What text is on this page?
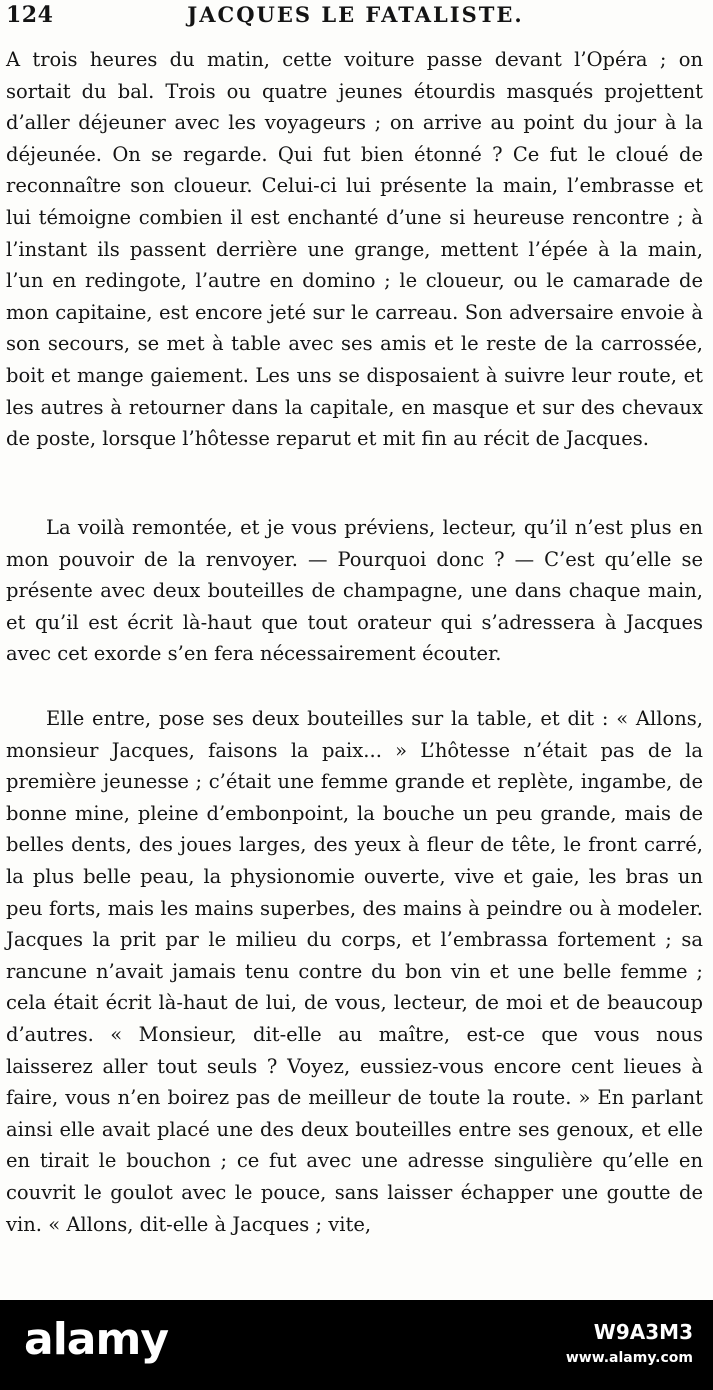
124	JACQUES LE FATALISTE.

A trois heures du matin, cette voiture passe devant l’Opéra ; on sortait du bal. Trois ou quatre jeunes étourdis masqués projettent d’aller déjeuner avec les voyageurs ; on arrive au point du jour à la déjeunée. On se regarde. Qui fut bien étonné ? Ce fut le cloué de reconnaître son cloueur. Celui-ci lui présente la main, l’embrasse et lui témoigne combien il est enchanté d’une si heureuse rencontre ; à l’instant ils passent derrière une grange, mettent l’épée à la main, l’un en redingote, l’autre en domino ; le cloueur, ou le camarade de mon capitaine, est encore jeté sur le carreau. Son adversaire envoie à son secours, se met à table avec ses amis et le reste de la carrossée, boit et mange gaiement. Les uns se disposaient à suivre leur route, et les autres à retourner dans la capitale, en masque et sur des chevaux de poste, lorsque l’hôtesse reparut et mit fin au récit de Jacques.

La voilà remontée, et je vous préviens, lecteur, qu’il n’est plus en mon pouvoir de la renvoyer. — Pourquoi donc ? — C’est qu’elle se présente avec deux bouteilles de champagne, une dans chaque main, et qu’il est écrit là-haut que tout orateur qui s’adressera à Jacques avec cet exorde s’en fera nécessairement écouter.

Elle entre, pose ses deux bouteilles sur la table, et dit : « Allons, monsieur Jacques, faisons la paix... » L’hôtesse n’était pas de la première jeunesse ; c’était une femme grande et replète, ingambe, de bonne mine, pleine d’embonpoint, la bouche un peu grande, mais de belles dents, des joues larges, des yeux à fleur de tête, le front carré, la plus belle peau, la physionomie ouverte, vive et gaie, les bras un peu forts, mais les mains superbes, des mains à peindre ou à modeler. Jacques la prit par le milieu du corps, et l’embrassa fortement ; sa rancune n’avait jamais tenu contre du bon vin et une belle femme ; cela était écrit là-haut de lui, de vous, lecteur, de moi et de beaucoup d’autres. « Monsieur, dit-elle au maître, est-ce que vous nous laisserez aller tout seuls ? Voyez, eussiez-vous encore cent lieues à faire, vous n’en boirez pas de meilleur de toute la route. » En parlant ainsi elle avait placé une des deux bouteilles entre ses genoux, et elle en tirait le bouchon ; ce fut avec une adresse singulière qu’elle en couvrit le goulot avec le pouce, sans laisser échapper une goutte de vin. « Allons, dit-elle à Jacques ; vite,

alamy	W9A3M3
www.alamy.com
